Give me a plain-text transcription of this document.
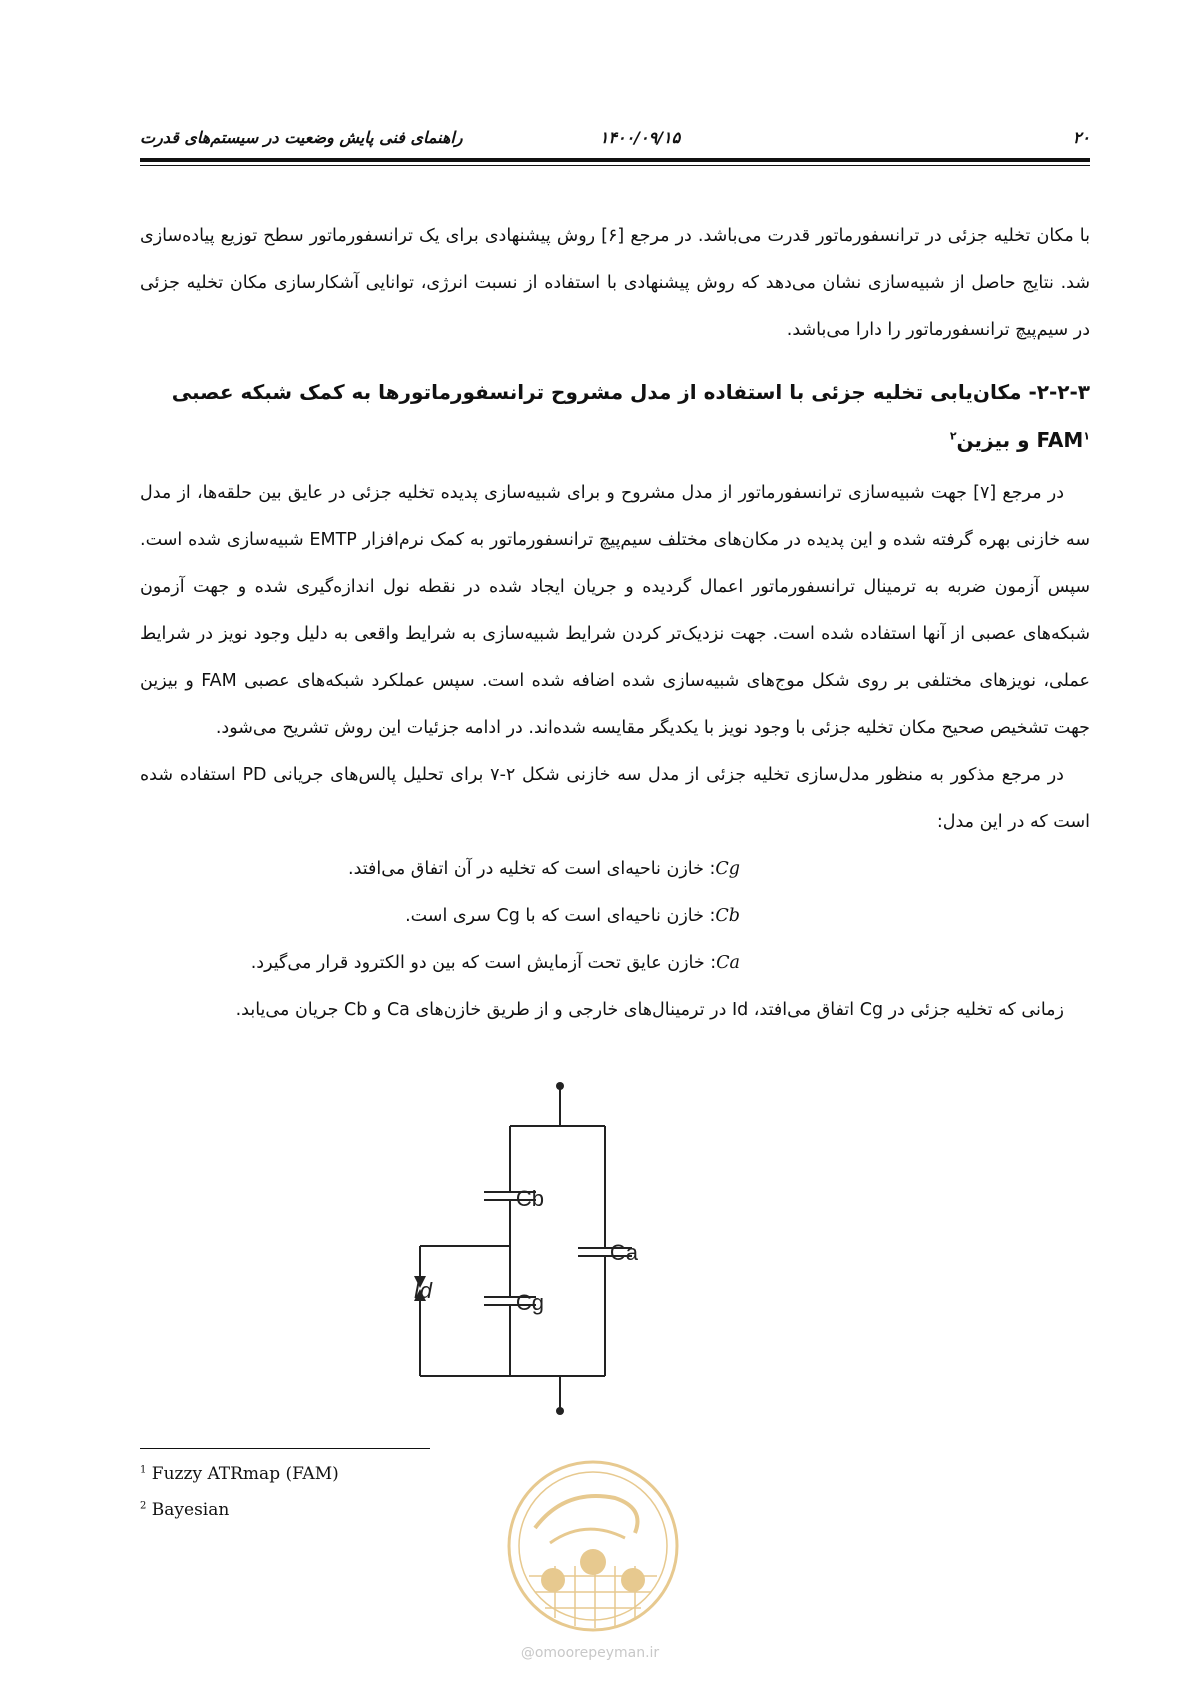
۲۰
۱۴۰۰/۰۹/۱۵
راهنمای فنی پایش وضعیت در سیستم‌های قدرت

با مکان تخلیه جزئی در ترانسفورماتور قدرت می‌باشد. در مرجع [۶] روش پیشنهادی برای یک ترانسفورماتور سطح توزیع پیاده‌سازی شد. نتایج حاصل از شبیه‌سازی نشان می‌دهد که روش پیشنهادی با استفاده از نسبت انرژی، توانایی آشکارسازی مکان تخلیه جزئی در سیم‌پیچ ترانسفورماتور را دارا می‌باشد.

۲-۲-۳- مکان‌یابی تخلیه جزئی با استفاده از مدل مشروح ترانسفورماتورها به کمک شبکه عصبی FAM$^۱$ و بیزین$^۲$

در مرجع [۷] جهت شبیه‌سازی ترانسفورماتور از مدل مشروح و برای شبیه‌سازی پدیده تخلیه جزئی در عایق بین حلقه‌ها، از مدل سه خازنی بهره گرفته شده و این پدیده در مکان‌های مختلف سیم‌پیچ ترانسفورماتور به کمک نرم‌افزار EMTP شبیه‌سازی شده است. سپس آزمون ضربه به ترمینال ترانسفورماتور اعمال گردیده و جریان ایجاد شده در نقطه نول اندازه‌گیری شده و جهت آزمون شبکه‌های عصبی از آنها استفاده شده است. جهت نزدیک‌تر کردن شرایط شبیه‌سازی به شرایط واقعی به دلیل وجود نویز در شرایط عملی، نویزهای مختلفی بر روی شکل موج‌های شبیه‌سازی شده اضافه شده است. سپس عملکرد شبکه‌های عصبی FAM و بیزین جهت تشخیص صحیح مکان تخلیه جزئی با وجود نویز با یکدیگر مقایسه شده‌اند. در ادامه جزئیات این روش تشریح می‌شود.

در مرجع مذکور به منظور مدل‌سازی تخلیه جزئی از مدل سه خازنی شکل ۲-۷ برای تحلیل پالس‌های جریانی PD استفاده شده است که در این مدل:

Cg: خازن ناحیه‌ای است که تخلیه در آن اتفاق می‌افتد.

Cb: خازن ناحیه‌ای است که با Cg سری است.

Ca: خازن عایق تحت آزمایش است که بین دو الکترود قرار می‌گیرد.

زمانی که تخلیه جزئی در Cg اتفاق می‌افتد، Id در ترمینال‌های خارجی و از طریق خازن‌های Ca و Cb جریان می‌یابد.

Cb
Ca
Cg
Id
$^1$ Fuzzy ATRmap (FAM)
$^2$ Bayesian
@omoorepeyman.ir
